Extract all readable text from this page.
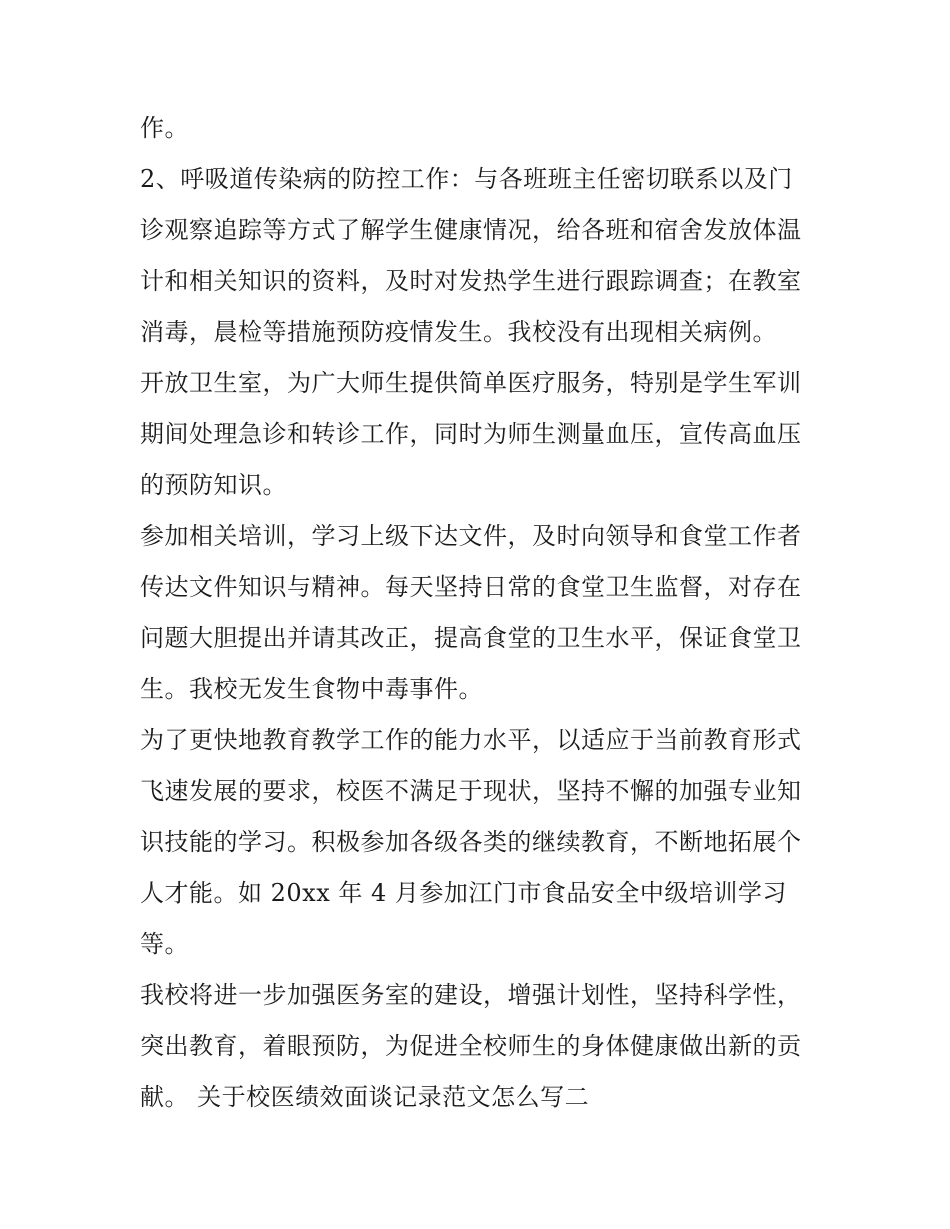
作。
2、呼吸道传染病的防控工作：与各班班主任密切联系以及门
诊观察追踪等方式了解学生健康情况，给各班和宿舍发放体温
计和相关知识的资料，及时对发热学生进行跟踪调查；在教室
消毒，晨检等措施预防疫情发生。我校没有出现相关病例。
开放卫生室，为广大师生提供简单医疗服务，特别是学生军训
期间处理急诊和转诊工作，同时为师生测量血压，宣传高血压
的预防知识。
参加相关培训，学习上级下达文件，及时向领导和食堂工作者
传达文件知识与精神。每天坚持日常的食堂卫生监督，对存在
问题大胆提出并请其改正，提高食堂的卫生水平，保证食堂卫
生。我校无发生食物中毒事件。
为了更快地教育教学工作的能力水平，以适应于当前教育形式
飞速发展的要求，校医不满足于现状，坚持不懈的加强专业知
识技能的学习。积极参加各级各类的继续教育，不断地拓展个
人才能。如 20xx 年 4 月参加江门市食品安全中级培训学习
等。
我校将进一步加强医务室的建设，增强计划性，坚持科学性，
突出教育，着眼预防，为促进全校师生的身体健康做出新的贡
献。 关于校医绩效面谈记录范文怎么写二
